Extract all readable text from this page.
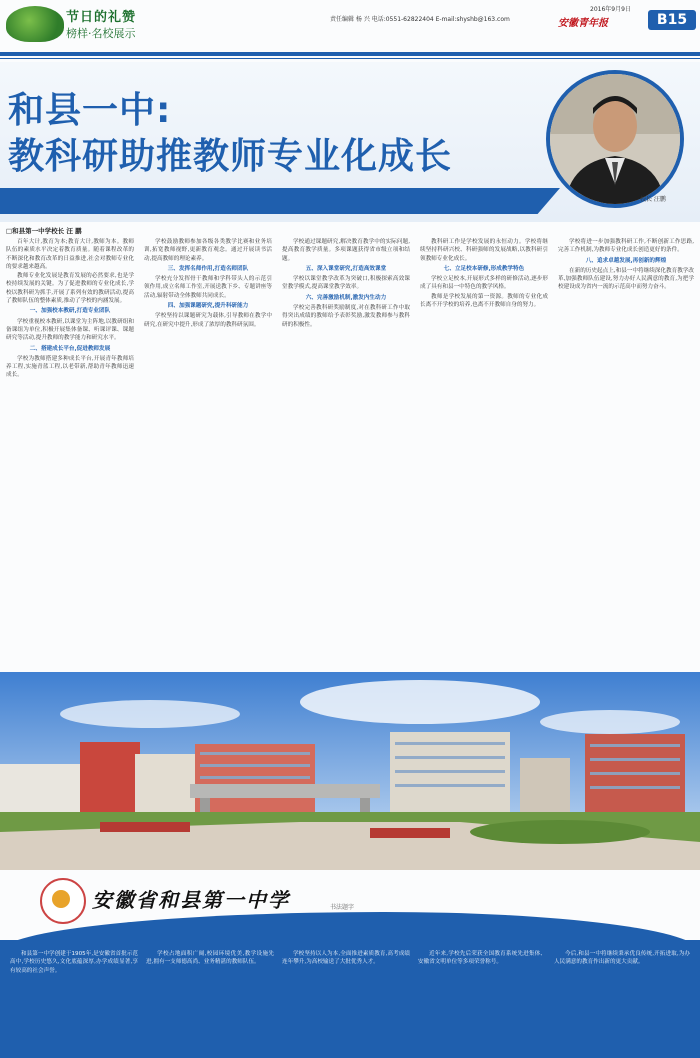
节日的礼赞
榜样·名校展示
责任编辑 杨 兴 电话:0551-62822404 E-mail:shyshb@163.com
2016年9月9日
安徽青年报	B15
和县一中:
教科研助推教师专业化成长
校长 汪鹏
□和县第一中学校长 汪 鹏

百年大计,教育为本;教育大计,教师为本。教师队伍的素质水平决定着教育质量。随着课程改革的不断深化和教育改革的日益推进,社会对教师专业化的要求越来越高。

教师专业化发展是教育发展的必然要求,也是学校持续发展的关键。为了促进教师的专业化成长,学校以教科研为抓手,开展了系列有效的教研活动,提高了教师队伍的整体素质,推动了学校的内涵发展。

一、加强校本教研,打造专业团队

学校重视校本教研,以课堂为主阵地,以教研组和备课组为单位,积极开展集体备课、听课评课、课题研究等活动,提升教师的教学能力和研究水平。

二、搭建成长平台,促进教师发展

学校为教师搭建多种成长平台,开展青年教师培养工程,实施青蓝工程,以老带新,帮助青年教师迅速成长。

学校鼓励教师参加各级各类教学比赛和业务培训,拓宽教师视野,更新教育观念。通过开展读书活动,提高教师的理论素养。

三、发挥名师作用,打造名师团队

学校充分发挥骨干教师和学科带头人的示范引领作用,成立名师工作室,开展送教下乡、专题讲座等活动,辐射带动全体教师共同成长。

四、加强课题研究,提升科研能力

学校坚持以课题研究为载体,引导教师在教学中研究,在研究中提升,形成了浓厚的教科研氛围。

学校通过课题研究,解决教育教学中的实际问题,提高教育教学质量。多项课题获得省市级立项和结题。

五、深入课堂研究,打造高效课堂

学校以课堂教学改革为突破口,积极探索高效课堂教学模式,提高课堂教学效率。

六、完善激励机制,激发内生动力

学校完善教科研奖励制度,对在教科研工作中取得突出成绩的教师给予表彰奖励,激发教师参与教科研的积极性。

教科研工作是学校发展的永恒动力。学校将继续坚持科研兴校、科研强师的发展战略,以教科研引领教师专业化成长。

七、立足校本研修,形成教学特色

学校立足校本,开展形式多样的研修活动,逐步形成了具有和县一中特色的教学风格。

教师是学校发展的第一资源。教师的专业化成长离不开学校的培养,也离不开教师自身的努力。

学校将进一步加强教科研工作,不断创新工作思路,完善工作机制,为教师专业化成长创造更好的条件。

八、追求卓越发展,再创新的辉煌

在新的历史起点上,和县一中将继续深化教育教学改革,加强教师队伍建设,努力办好人民满意的教育,为把学校建设成为省内一流的示范高中而努力奋斗。

安徽省和县第一中学	书法题字

和县第一中学创建于1905年,是安徽省首批示范高中,学校历史悠久,文化底蕴深厚,办学成绩显著,享有较高的社会声誉。

学校占地面积广阔,校园环境优美,教学设施先进,拥有一支师德高尚、业务精湛的教师队伍。

学校坚持以人为本,全面推进素质教育,高考成绩连年攀升,为高校输送了大批优秀人才。

近年来,学校先后荣获全国教育系统先进集体、安徽省文明单位等多项荣誉称号。

今后,和县一中将继续秉承优良传统,开拓进取,为办人民满意的教育作出新的更大贡献。
